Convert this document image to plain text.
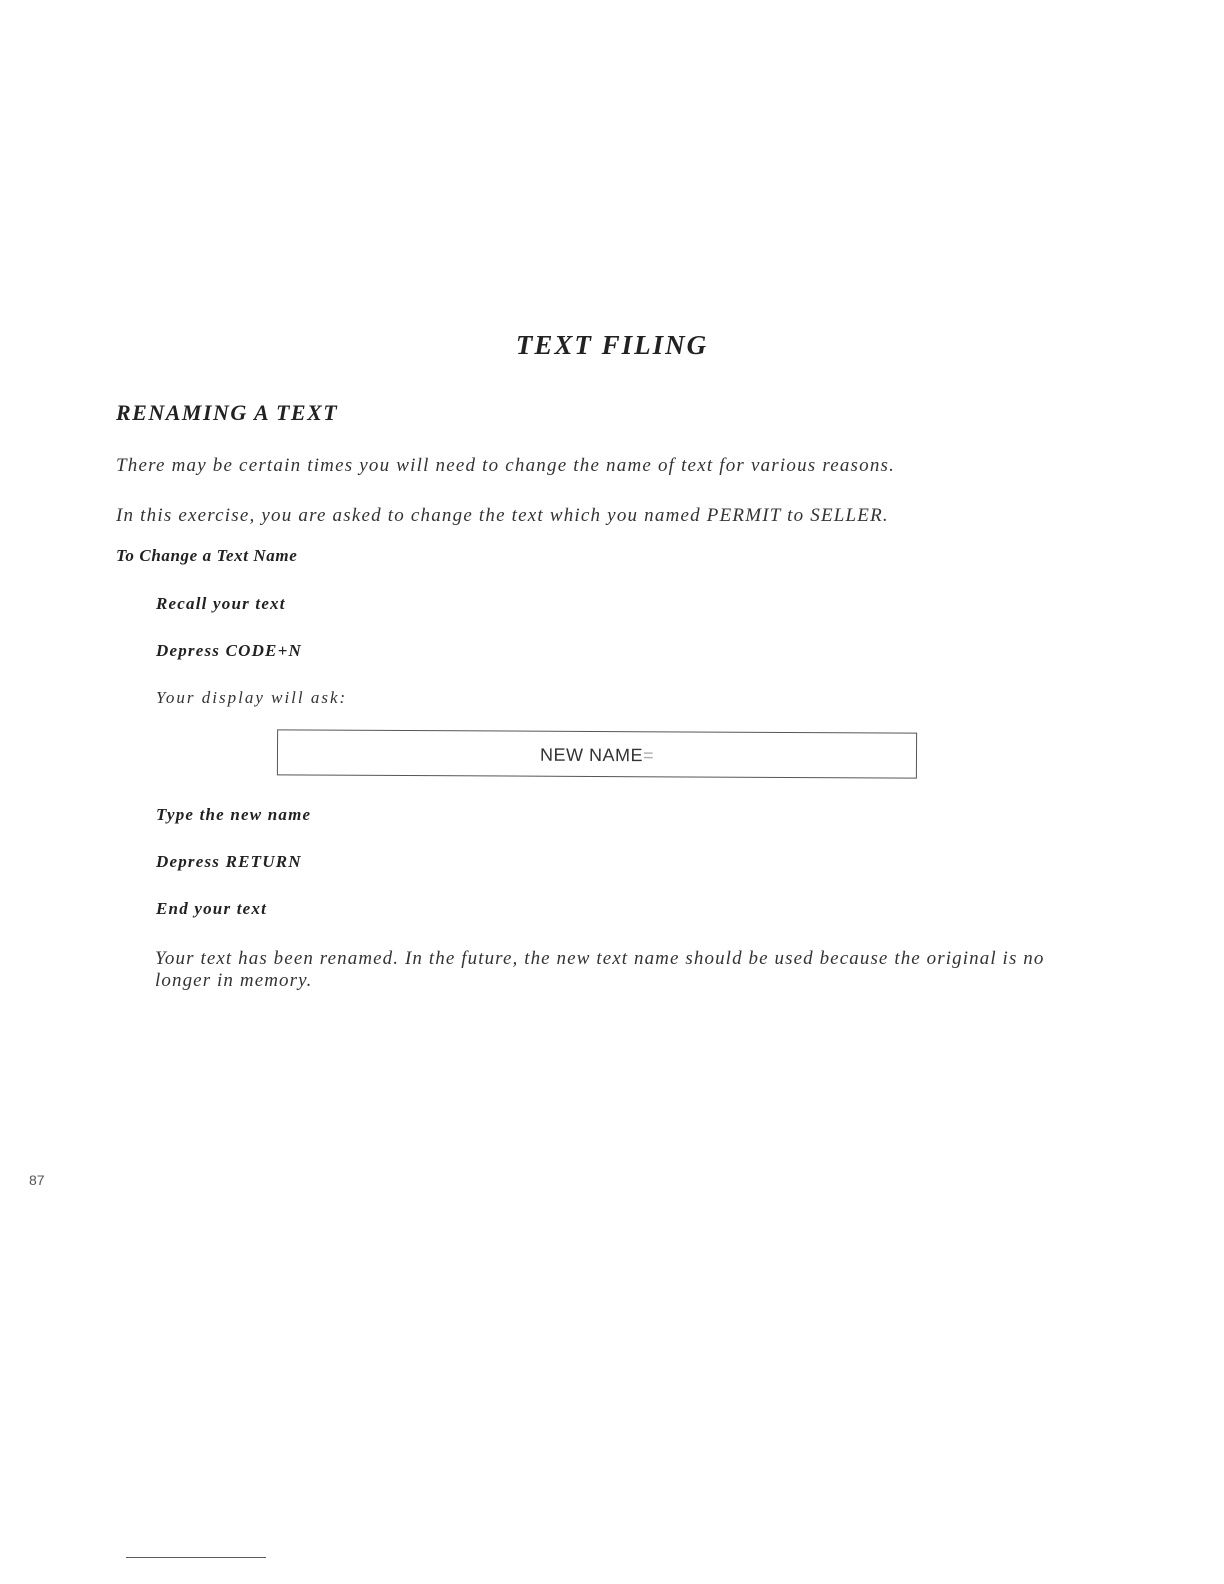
TEXT FILING
RENAMING A TEXT
There may be certain times you will need to change the name of text for various reasons.
In this exercise, you are asked to change the text which you named PERMIT to SELLER.
To Change a Text Name
Recall your text
Depress CODE+N
Your display will ask:
NEW NAME=
Type the new name
Depress RETURN
End your text
Your text has been renamed. In the future, the new text name should be used because the original is no longer in memory.
87
